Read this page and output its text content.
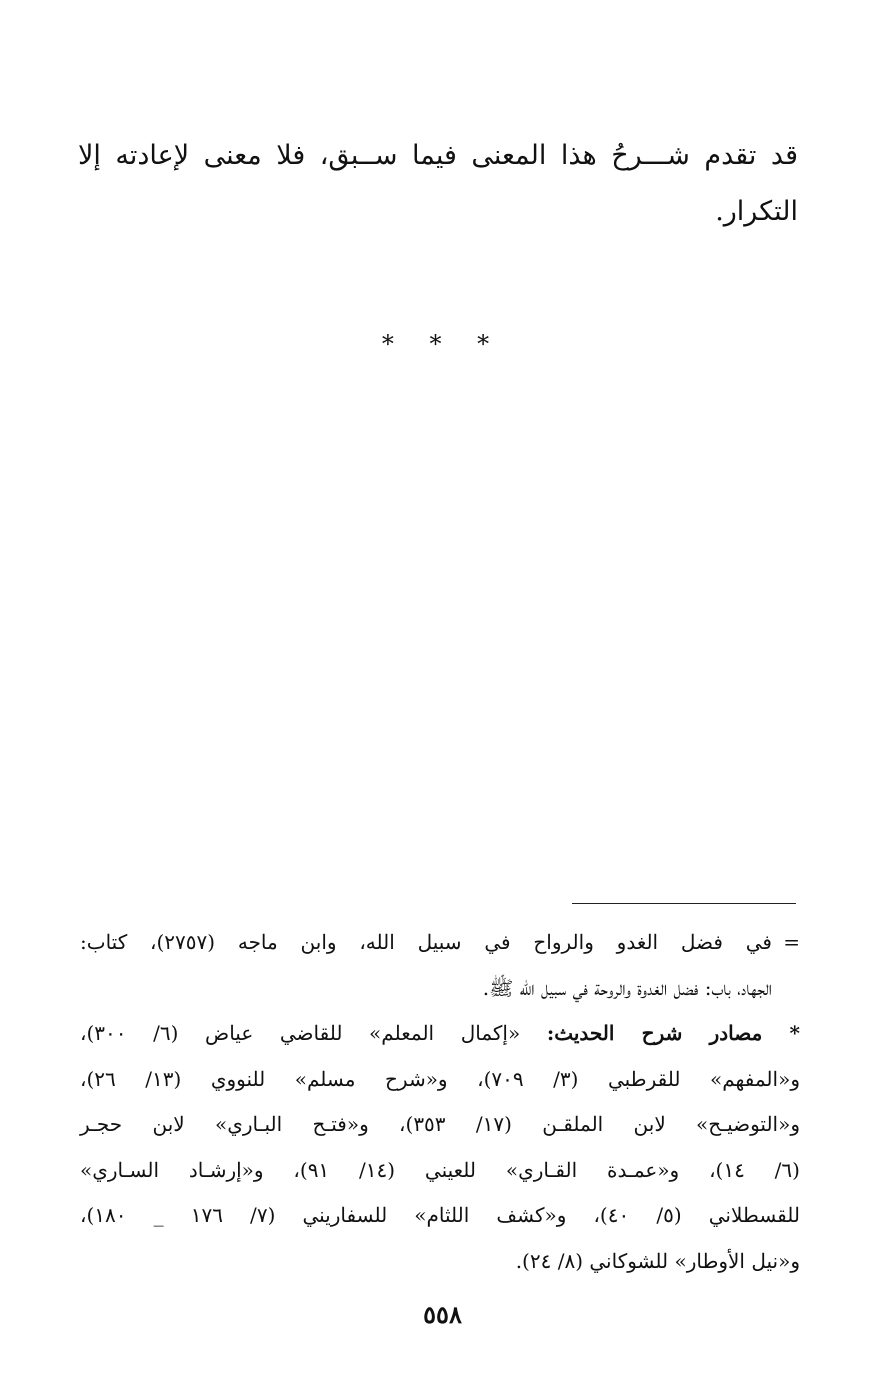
قد تقدم شـــرحُ هذا المعنى فيما ســبق، فلا معنى لإعادته إلا التكرار.

* * *
=في فضل الغدو والرواح في سبيل الله، وابن ماجه (٢٧٥٧)، كتاب:
الجهاد، باب: فضل الغدوة والروحة في سبيل الله ﷺ.
* مصادر شرح الحديث: «إكمال المعلم» للقاضي عياض (٦/ ٣٠٠)،
و«المفهم» للقرطبي (٣/ ٧٠٩)، و«شرح مسلم» للنووي (١٣/ ٢٦)،
و«التوضيـح» لابن الملقـن (١٧/ ٣٥٣)، و«فتـح البـاري» لابن حجـر
(٦/ ١٤)، و«عمـدة القـاري» للعيني (١٤/ ٩١)، و«إرشـاد السـاري»
للقسطلاني (٥/ ٤٠)، و«كشف اللثام» للسفاريني (٧/ ١٧٦ _ ١٨٠)،
و«نيل الأوطار» للشوكاني (٨/ ٢٤).
٥٥٨
